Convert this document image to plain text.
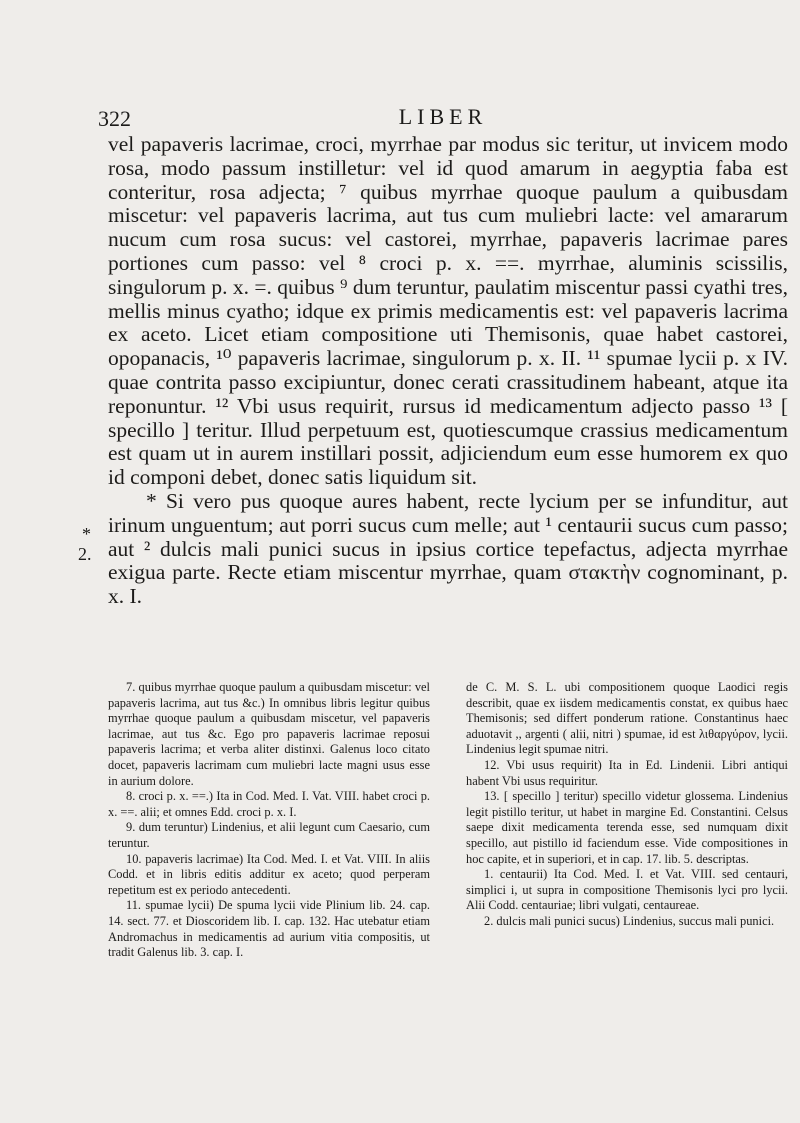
322	LIBER
*
2.

vel papaveris lacrimae, croci, myrrhae par modus sic teritur, ut invicem modo rosa, modo passum instilletur: vel id quod amarum in aegyptia faba est conteritur, rosa adjecta; ⁷ quibus myrrhae quoque paulum a quibusdam miscetur: vel papaveris lacrima, aut tus cum muliebri lacte: vel amararum nucum cum rosa sucus: vel castorei, myrrhae, papaveris lacrimae pares portiones cum passo: vel ⁸ croci p. x. ==. myrrhae, aluminis scissilis, singulorum p. x. =. quibus ⁹ dum teruntur, paulatim miscentur passi cyathi tres, mellis minus cyatho; idque ex primis medicamentis est: vel papaveris lacrima ex aceto. Licet etiam compositione uti Themisonis, quae habet castorei, opopanacis, ¹⁰ papaveris lacrimae, singulorum p. x. II. ¹¹ spumae lycii p. x IV. quae contrita passo excipiuntur, donec cerati crassitudinem habeant, atque ita reponuntur. ¹² Vbi usus requirit, rursus id medicamentum adjecto passo ¹³ [ specillo ] teritur. Illud perpetuum est, quotiescumque crassius medicamentum est quam ut in aurem instillari possit, adjiciendum eum esse humorem ex quo id componi debet, donec satis liquidum sit.

* Si vero pus quoque aures habent, recte lycium per se infunditur, aut irinum unguentum; aut porri sucus cum melle; aut ¹ centaurii sucus cum passo; aut ² dulcis mali punici sucus in ipsius cortice tepefactus, adjecta myrrhae exigua parte. Recte etiam miscentur myrrhae, quam στακτὴν cognominant, p. x. I.

7. quibus myrrhae quoque paulum a quibusdam miscetur: vel papaveris lacrima, aut tus &c.) In omnibus libris legitur quibus myrrhae quoque paulum a quibusdam miscetur, vel papaveris lacrimae, aut tus &c. Ego pro papaveris lacrimae reposui papaveris lacrima; et verba aliter distinxi. Galenus loco citato docet, papaveris lacrimam cum muliebri lacte magni usus esse in aurium dolore.

8. croci p. x. ==.) Ita in Cod. Med. I. Vat. VIII. habet croci p. x. ==. alii; et omnes Edd. croci p. x. I.

9. dum teruntur) Lindenius, et alii legunt cum Caesario, cum teruntur.

10. papaveris lacrimae) Ita Cod. Med. I. et Vat. VIII. In aliis Codd. et in libris editis additur ex aceto; quod perperam repetitum est ex periodo antecedenti.

11. spumae lycii) De spuma lycii vide Plinium lib. 24. cap. 14. sect. 77. et Dioscoridem lib. I. cap. 132. Hac utebatur etiam Andromachus in medicamentis ad aurium vitia compositis, ut tradit Galenus lib. 3. cap. I.

de C. M. S. L. ubi compositionem quoque Laodici regis describit, quae ex iisdem medicamentis constat, ex quibus haec Themisonis; sed differt ponderum ratione. Constantinus haec aduotavit ,, argenti ( alii, nitri ) spumae, id est λιθαργύρον, lycii. Lindenius legit spumae nitri.

12. Vbi usus requirit) Ita in Ed. Lindenii. Libri antiqui habent Vbi usus requiritur.

13. [ specillo ] teritur) specillo videtur glossema. Lindenius legit pistillo teritur, ut habet in margine Ed. Constantini. Celsus saepe dixit medicamenta terenda esse, sed numquam dixit specillo, aut pistillo id faciendum esse. Vide compositiones in hoc capite, et in superiori, et in cap. 17. lib. 5. descriptas.

1. centaurii) Ita Cod. Med. I. et Vat. VIII. sed centauri, simplici i, ut supra in compositione Themisonis lyci pro lycii. Alii Codd. centauriae; libri vulgati, centaureae.

2. dulcis mali punici sucus) Lindenius, succus mali punici.
